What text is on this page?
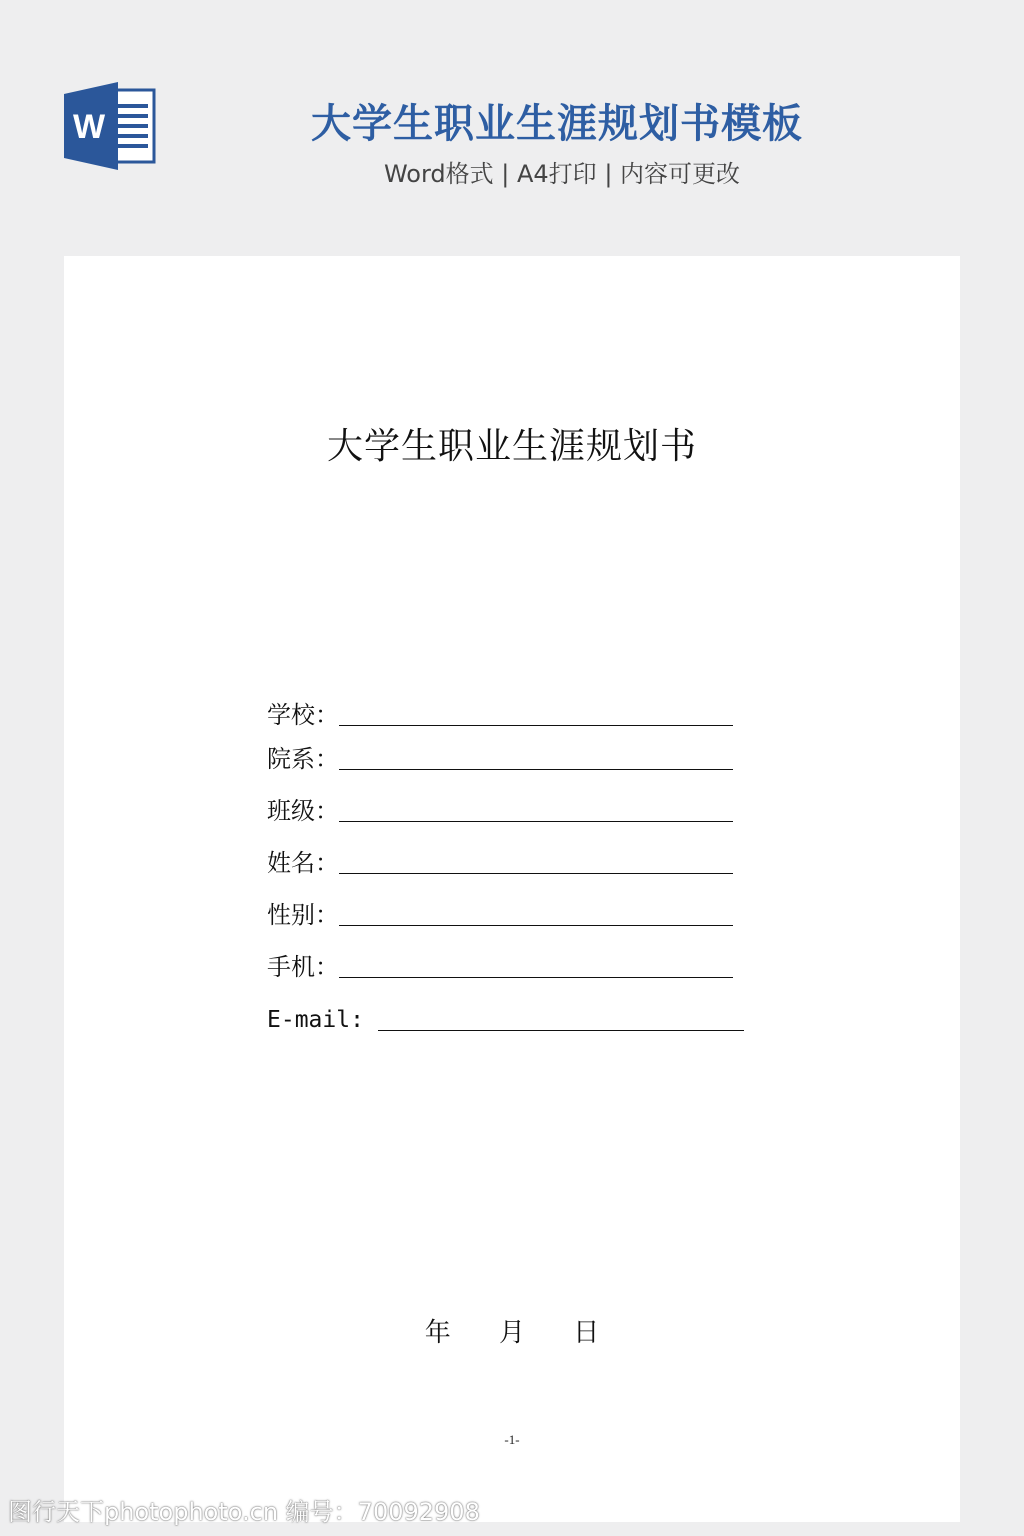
W	大学生职业生涯规划书模板
Word格式 | A4打印 | 内容可更改
大学生职业生涯规划书
学校：
院系：
班级：
姓名：
性别：
手机：
E-mail:
年 月 日
-1-
图行天下photophoto.cn 编号：70092908
